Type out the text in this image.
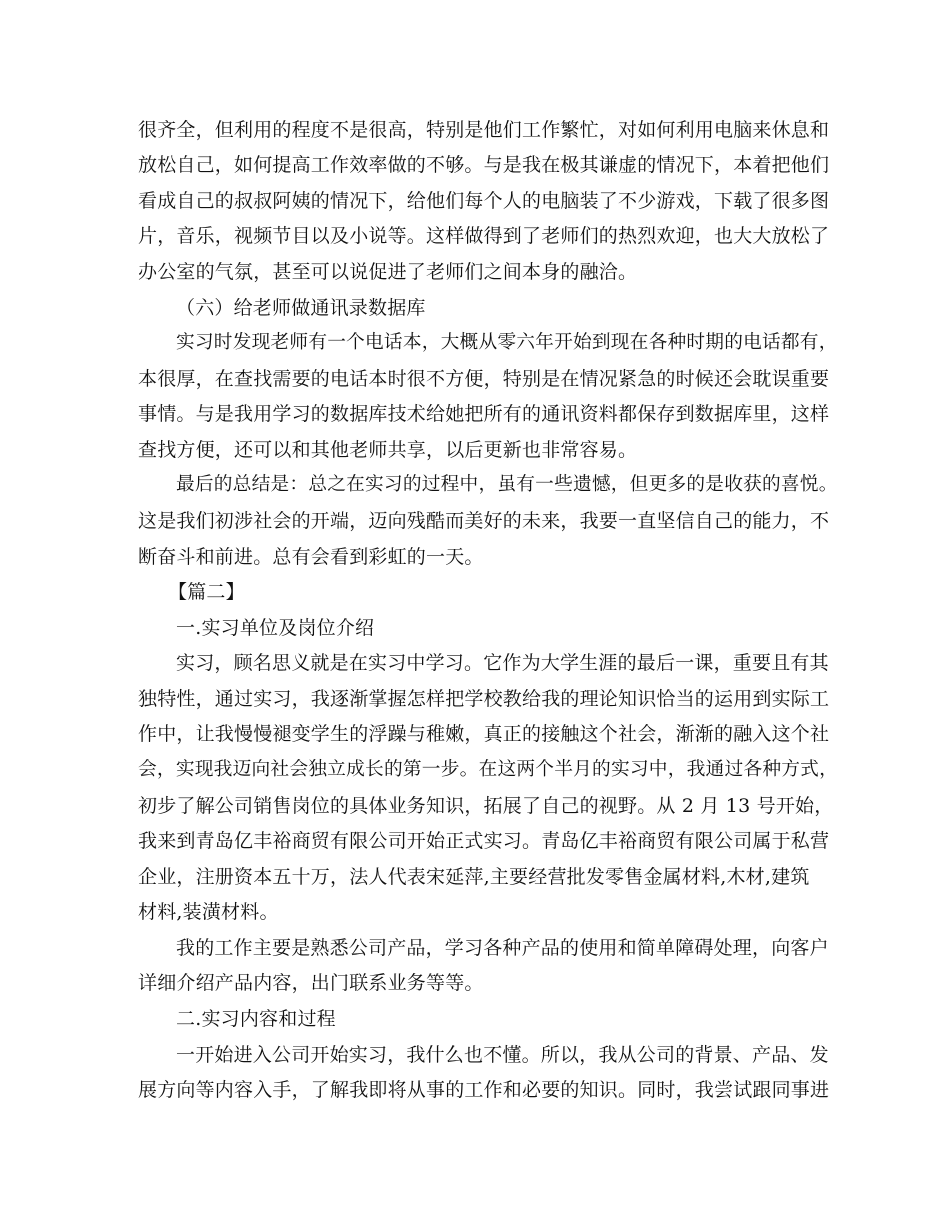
很齐全，但利用的程度不是很高，特别是他们工作繁忙，对如何利用电脑来休息和
放松自己，如何提高工作效率做的不够。与是我在极其谦虚的情况下，本着把他们
看成自己的叔叔阿姨的情况下，给他们每个人的电脑装了不少游戏，下载了很多图
片，音乐，视频节目以及小说等。这样做得到了老师们的热烈欢迎，也大大放松了
办公室的气氛，甚至可以说促进了老师们之间本身的融洽。
（六）给老师做通讯录数据库
实习时发现老师有一个电话本，大概从零六年开始到现在各种时期的电话都有，
本很厚，在查找需要的电话本时很不方便，特别是在情况紧急的时候还会耽误重要
事情。与是我用学习的数据库技术给她把所有的通讯资料都保存到数据库里，这样
查找方便，还可以和其他老师共享，以后更新也非常容易。
最后的总结是：总之在实习的过程中，虽有一些遗憾，但更多的是收获的喜悦。
这是我们初涉社会的开端，迈向残酷而美好的未来，我要一直坚信自己的能力，不
断奋斗和前进。总有会看到彩虹的一天。
【篇二】
一.实习单位及岗位介绍
实习，顾名思义就是在实习中学习。它作为大学生涯的最后一课，重要且有其
独特性，通过实习，我逐渐掌握怎样把学校教给我的理论知识恰当的运用到实际工
作中，让我慢慢褪变学生的浮躁与稚嫩，真正的接触这个社会，渐渐的融入这个社
会，实现我迈向社会独立成长的第一步。在这两个半月的实习中，我通过各种方式，
初步了解公司销售岗位的具体业务知识，拓展了自己的视野。从 2 月 13 号开始，
我来到青岛亿丰裕商贸有限公司开始正式实习。青岛亿丰裕商贸有限公司属于私营
企业，注册资本五十万，法人代表宋延萍,主要经营批发零售金属材料,木材,建筑
材料,装潢材料。
我的工作主要是熟悉公司产品，学习各种产品的使用和简单障碍处理，向客户
详细介绍产品内容，出门联系业务等等。
二.实习内容和过程
一开始进入公司开始实习，我什么也不懂。所以，我从公司的背景、产品、发
展方向等内容入手，了解我即将从事的工作和必要的知识。同时，我尝试跟同事进
